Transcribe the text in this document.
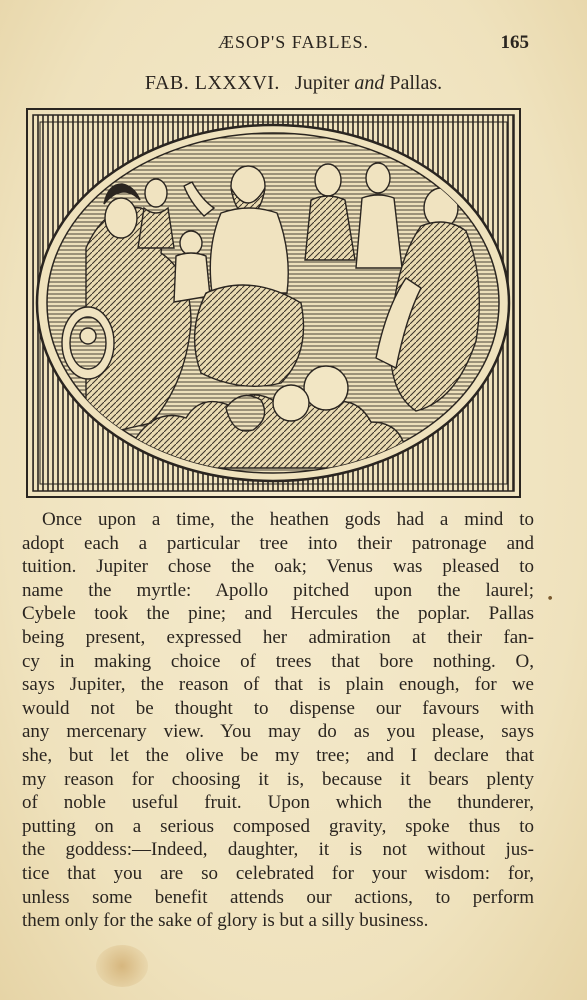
ÆSOP'S FABLES.	165
FAB. LXXXVI. Jupiter and Pallas.
Once upon a time, the heathen gods had a mind to
adopt each a particular tree into their patronage and
tuition. Jupiter chose the oak; Venus was pleased to
name the myrtle: Apollo pitched upon the laurel;
Cybele took the pine; and Hercules the poplar. Pallas
being present, expressed her admiration at their fan-
cy in making choice of trees that bore nothing. O,
says Jupiter, the reason of that is plain enough, for we
would not be thought to dispense our favours with
any mercenary view. You may do as you please, says
she, but let the olive be my tree; and I declare that
my reason for choosing it is, because it bears plenty
of noble useful fruit. Upon which the thunderer,
putting on a serious composed gravity, spoke thus to
the goddess:—Indeed, daughter, it is not without jus-
tice that you are so celebrated for your wisdom: for,
unless some benefit attends our actions, to perform
them only for the sake of glory is but a silly business.
•
